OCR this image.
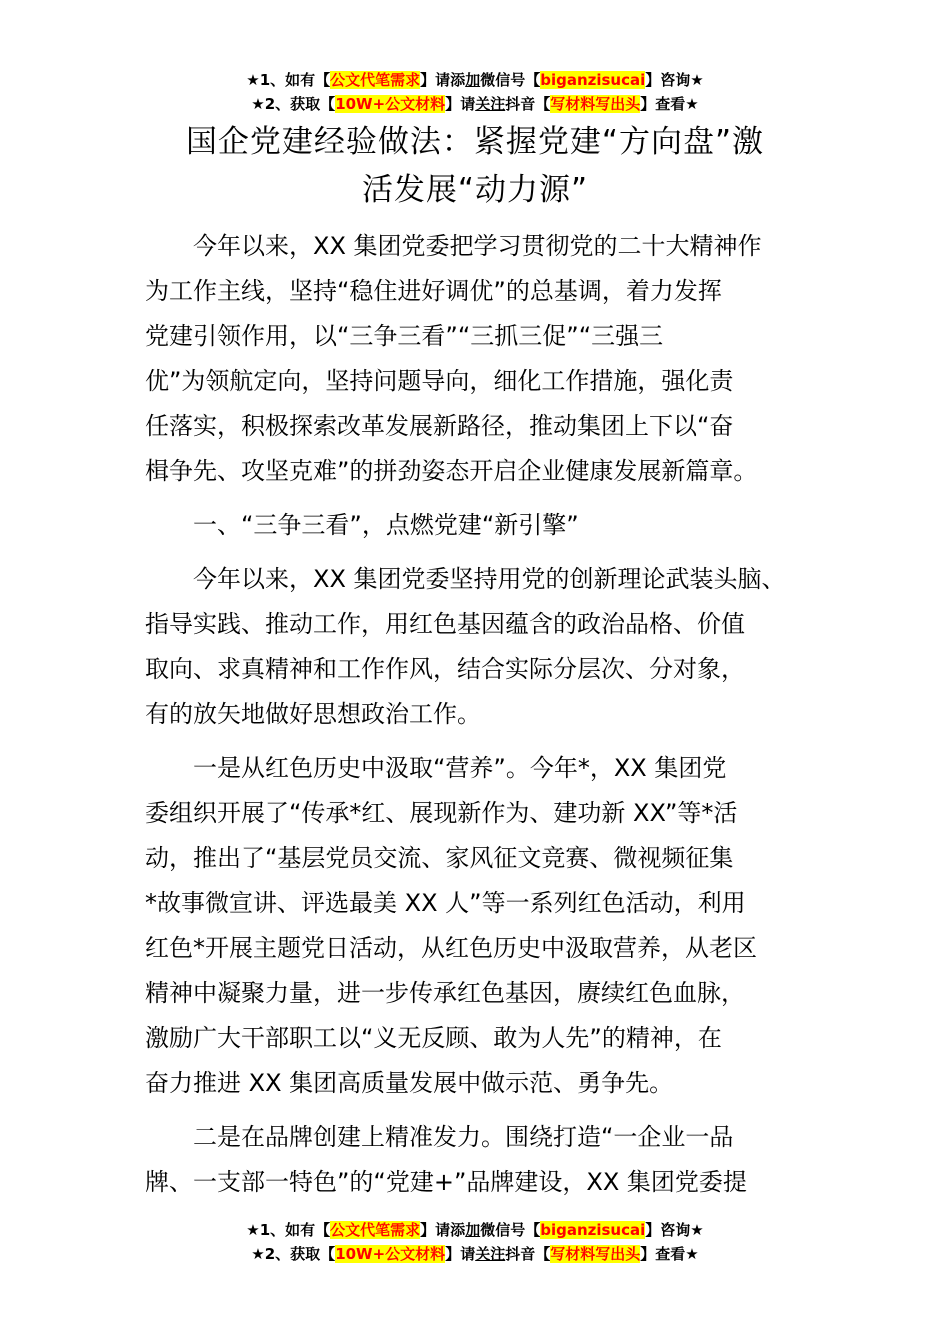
★1、如有【公文代笔需求】请添加微信号【biganzisucai】咨询★
★2、获取【10W+公文材料】请关注抖音【写材料写出头】查看★
国企党建经验做法：紧握党建“方向盘”激
活发展“动力源”
今年以来，XX 集团党委把学习贯彻党的二十大精神作
为工作主线，坚持“稳住进好调优”的总基调，着力发挥
党建引领作用，以“三争三看”“三抓三促”“三强三
优”为领航定向，坚持问题导向，细化工作措施，强化责
任落实，积极探索改革发展新路径，推动集团上下以“奋
楫争先、攻坚克难”的拼劲姿态开启企业健康发展新篇章。
一、“三争三看”，点燃党建“新引擎”
今年以来，XX 集团党委坚持用党的创新理论武装头脑、
指导实践、推动工作，用红色基因蕴含的政治品格、价值
取向、求真精神和工作作风，结合实际分层次、分对象，
有的放矢地做好思想政治工作。
一是从红色历史中汲取“营养”。今年*，XX 集团党
委组织开展了“传承*红、展现新作为、建功新 XX”等*活
动，推出了“基层党员交流、家风征文竞赛、微视频征集
*故事微宣讲、评选最美 XX 人”等一系列红色活动，利用
红色*开展主题党日活动，从红色历史中汲取营养，从老区
精神中凝聚力量，进一步传承红色基因，赓续红色血脉，
激励广大干部职工以“义无反顾、敢为人先”的精神，在
奋力推进 XX 集团高质量发展中做示范、勇争先。
二是在品牌创建上精准发力。围绕打造“一企业一品
牌、一支部一特色”的“党建+”品牌建设，XX 集团党委提
★1、如有【公文代笔需求】请添加微信号【biganzisucai】咨询★
★2、获取【10W+公文材料】请关注抖音【写材料写出头】查看★
